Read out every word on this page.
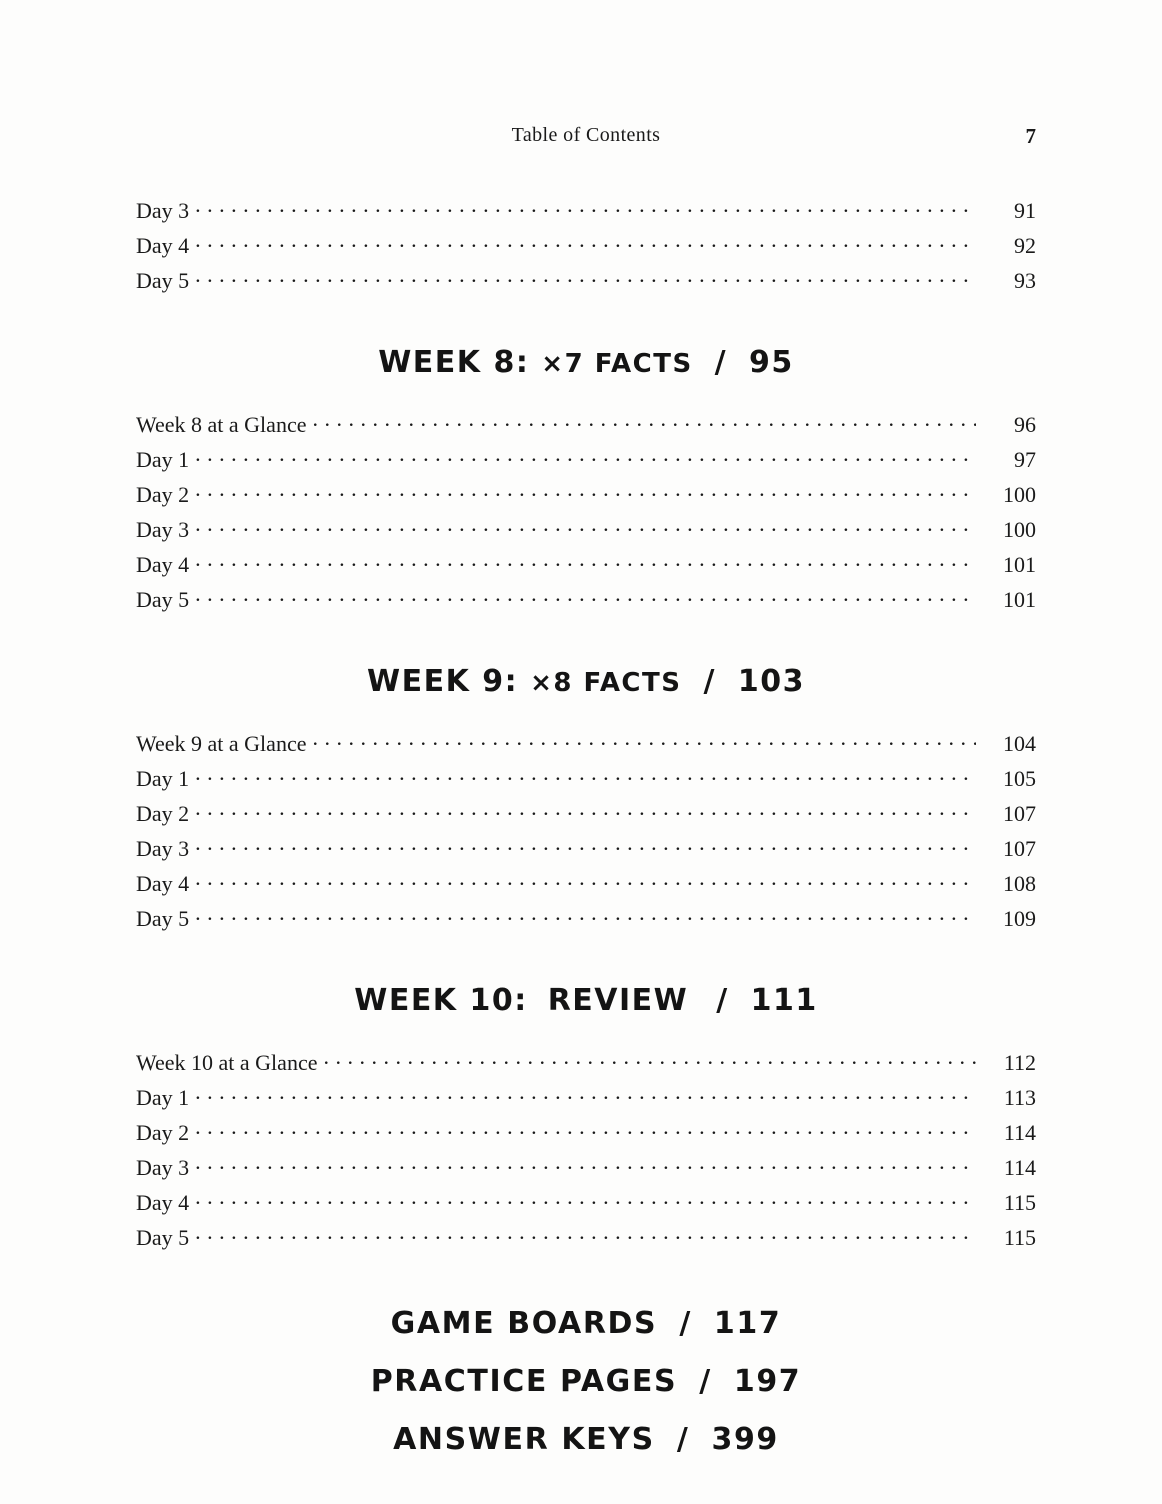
Table of Contents	7
Day 3 . . .	91
Day 4 . . .	92
Day 5 . . .	93
WEEK 8: ×7 FACTS / 95
Week 8 at a Glance . . .	96
Day 1 . . .	97
Day 2 . . .	100
Day 3 . . .	100
Day 4 . . .	101
Day 5 . . .	101
WEEK 9: ×8 FACTS / 103
Week 9 at a Glance . . .	104
Day 1 . . .	105
Day 2 . . .	107
Day 3 . . .	107
Day 4 . . .	108
Day 5 . . .	109
WEEK 10: REVIEW / 111
Week 10 at a Glance . . .	112
Day 1 . . .	113
Day 2 . . .	114
Day 3 . . .	114
Day 4 . . .	115
Day 5 . . .	115
GAME BOARDS / 117
PRACTICE PAGES / 197
ANSWER KEYS / 399
